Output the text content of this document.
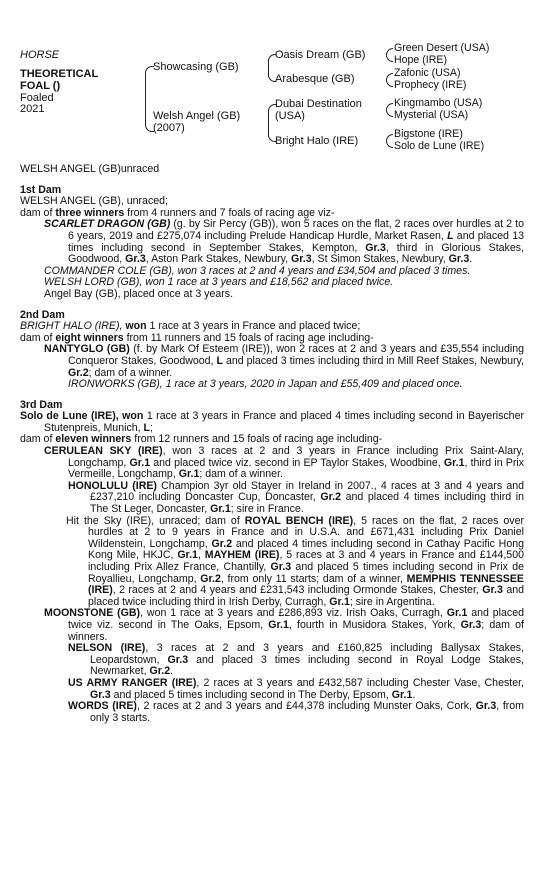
HORSE
THEORETICAL
FOAL ()
Foaled
2021
Showcasing (GB)
Welsh Angel (GB)
(2007)
Oasis Dream (GB)
Arabesque (GB)
Dubai Destination
(USA)
Bright Halo (IRE)
Green Desert (USA)
Hope (IRE)
Zafonic (USA)
Prophecy (IRE)
Kingmambo (USA)
Mysterial (USA)
Bigstone (IRE)
Solo de Lune (IRE)

WELSH ANGEL (GB)unraced

1st Dam

WELSH ANGEL (GB), unraced;

dam of three winners from 4 runners and 7 foals of racing age viz-

SCARLET DRAGON (GB) (g. by Sir Percy (GB)), won 5 races on the flat, 2 races over hurdles at 2 to 6 years, 2019 and £275,074 including Prelude Handicap Hurdle, Market Rasen, L and placed 13 times including second in September Stakes, Kempton, Gr.3, third in Glorious Stakes, Goodwood, Gr.3, Aston Park Stakes, Newbury, Gr.3, St Simon Stakes, Newbury, Gr.3.

COMMANDER COLE (GB), won 3 races at 2 and 4 years and £34,504 and placed 3 times.

WELSH LORD (GB), won 1 race at 3 years and £18,562 and placed twice.

Angel Bay (GB), placed once at 3 years.

2nd Dam

BRIGHT HALO (IRE), won 1 race at 3 years in France and placed twice;

dam of eight winners from 11 runners and 15 foals of racing age including-

NANTYGLO (GB) (f. by Mark Of Esteem (IRE)), won 2 races at 2 and 3 years and £35,554 including Conqueror Stakes, Goodwood, L and placed 3 times including third in Mill Reef Stakes, Newbury, Gr.2; dam of a winner.

IRONWORKS (GB), 1 race at 3 years, 2020 in Japan and £55,409 and placed once.

3rd Dam

Solo de Lune (IRE), won 1 race at 3 years in France and placed 4 times including second in Bayerischer Stutenpreis, Munich, L;

dam of eleven winners from 12 runners and 15 foals of racing age including-

CERULEAN SKY (IRE), won 3 races at 2 and 3 years in France including Prix Saint-Alary, Longchamp, Gr.1 and placed twice viz. second in EP Taylor Stakes, Woodbine, Gr.1, third in Prix Vermeille, Longchamp, Gr.1; dam of a winner.

HONOLULU (IRE) Champion 3yr old Stayer in Ireland in 2007., 4 races at 3 and 4 years and £237,210 including Doncaster Cup, Doncaster, Gr.2 and placed 4 times including third in The St Leger, Doncaster, Gr.1; sire in France.

Hit the Sky (IRE), unraced; dam of ROYAL BENCH (IRE), 5 races on the flat, 2 races over hurdles at 2 to 9 years in France and in U.S.A. and £671,431 including Prix Daniel Wildenstein, Longchamp, Gr.2 and placed 4 times including second in Cathay Pacific Hong Kong Mile, HKJC, Gr.1, MAYHEM (IRE), 5 races at 3 and 4 years in France and £144,500 including Prix Allez France, Chantilly, Gr.3 and placed 5 times including second in Prix de Royallieu, Longchamp, Gr.2, from only 11 starts; dam of a winner, MEMPHIS TENNESSEE (IRE), 2 races at 2 and 4 years and £231,543 including Ormonde Stakes, Chester, Gr.3 and placed twice including third in Irish Derby, Curragh, Gr.1; sire in Argentina.

MOONSTONE (GB), won 1 race at 3 years and £286,893 viz. Irish Oaks, Curragh, Gr.1 and placed twice viz. second in The Oaks, Epsom, Gr.1, fourth in Musidora Stakes, York, Gr.3; dam of winners.

NELSON (IRE), 3 races at 2 and 3 years and £160,825 including Ballysax Stakes, Leopardstown, Gr.3 and placed 3 times including second in Royal Lodge Stakes, Newmarket, Gr.2.

US ARMY RANGER (IRE), 2 races at 3 years and £432,587 including Chester Vase, Chester, Gr.3 and placed 5 times including second in The Derby, Epsom, Gr.1.

WORDS (IRE), 2 races at 2 and 3 years and £44,378 including Munster Oaks, Cork, Gr.3, from only 3 starts.
